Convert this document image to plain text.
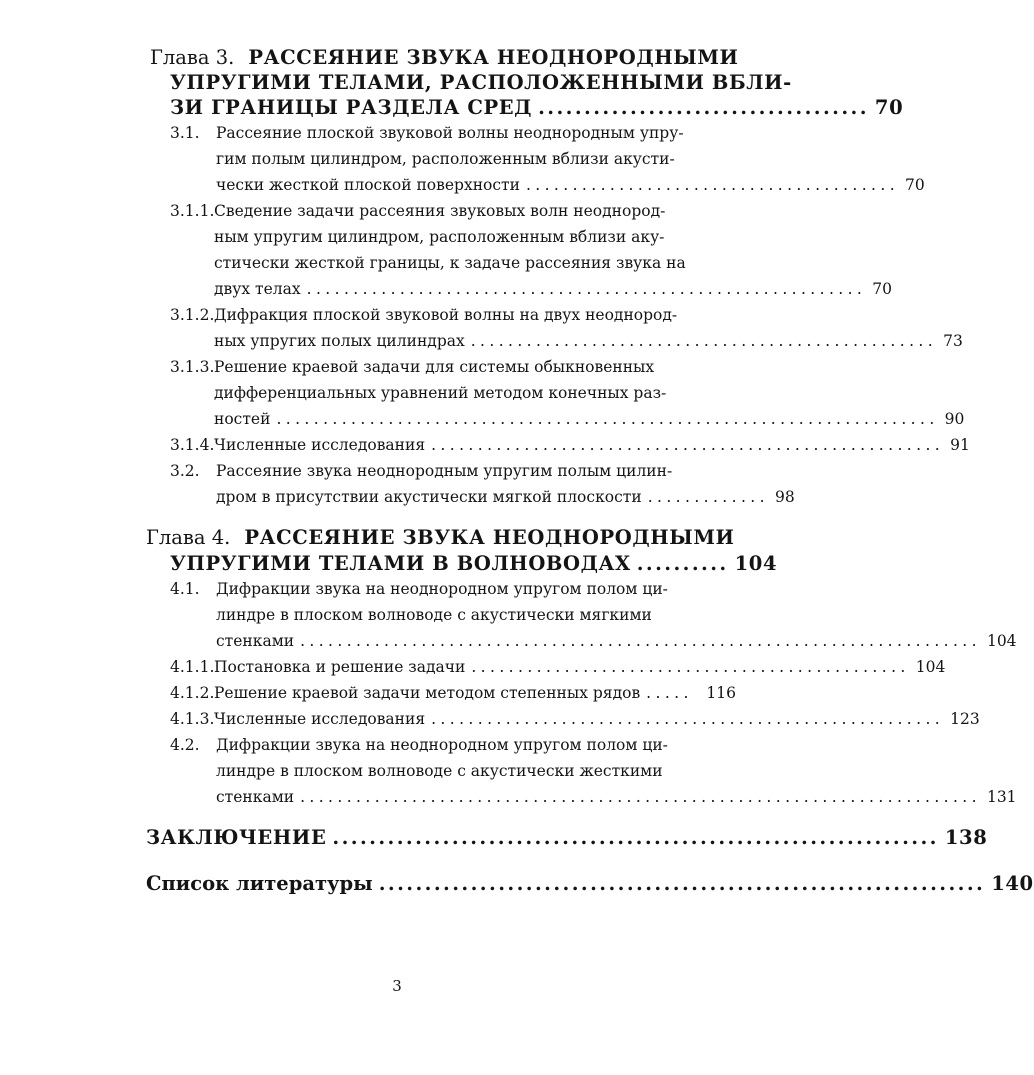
Глава 3. РАССЕЯНИЕ ЗВУКА НЕОДНОРОДНЫМИ
УПРУГИМИ ТЕЛАМИ, РАСПОЛОЖЕННЫМИ ВБЛИ-
ЗИ ГРАНИЦЫ РАЗДЕЛА СРЕД .................................... 70
3.1. Рассеяние плоской звуковой волны неоднородным упру-
гим полым цилиндром, расположенным вблизи акусти-
чески жесткой плоской поверхности ........................................ 70
3.1.1. Сведение задачи рассеяния звуковых волн неоднород-
ным упругим цилиндром, расположенным вблизи аку-
стически жесткой границы, к задаче рассеяния звука на
двух телах ............................................................ 70
3.1.2. Дифракция плоской звуковой волны на двух неоднород-
ных упругих полых цилиндрах .................................................. 73
3.1.3. Решение краевой задачи для системы обыкновенных
дифференциальных уравнений методом конечных раз-
ностей ....................................................................... 90
3.1.4. Численные исследования ....................................................... 91
3.2. Рассеяние звука неоднородным упругим полым цилин-
дром в присутствии акустически мягкой плоскости ............. 98
Глава 4. РАССЕЯНИЕ ЗВУКА НЕОДНОРОДНЫМИ
УПРУГИМИ ТЕЛАМИ В ВОЛНОВОДАХ .......... 104
4.1. Дифракции звука на неоднородном упругом полом ци-
линдре в плоском волноводе с акустически мягкими
стенками ......................................................................... 104
4.1.1. Постановка и решение задачи ............................................... 104
4.1.2. Решение краевой задачи методом степенных рядов ..... 116
4.1.3. Численные исследования ....................................................... 123
4.2. Дифракции звука на неоднородном упругом полом ци-
линдре в плоском волноводе с акустически жесткими
стенками ......................................................................... 131
ЗАКЛЮЧЕНИЕ .................................................................. 138
Список литературы .................................................................. 140
3
